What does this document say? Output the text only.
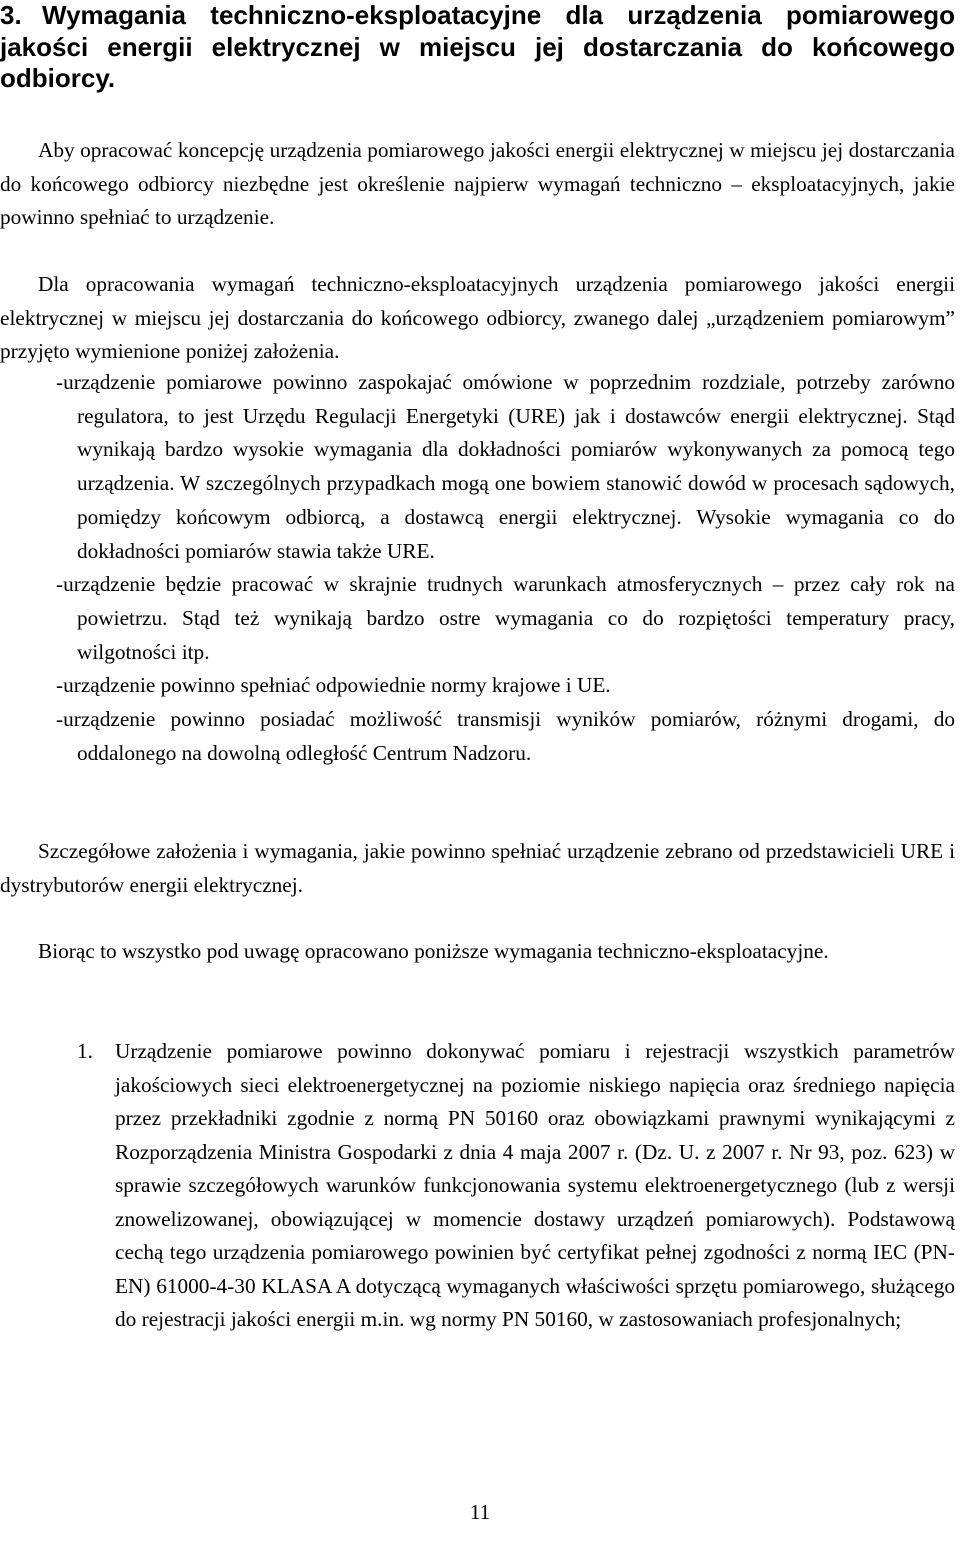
3. Wymagania techniczno-eksploatacyjne dla urządzenia pomiarowego jakości energii elektrycznej w miejscu jej dostarczania do końcowego odbiorcy.

Aby opracować koncepcję urządzenia pomiarowego jakości energii elektrycznej w miejscu jej dostarczania do końcowego odbiorcy niezbędne jest określenie najpierw wymagań techniczno – eksploatacyjnych, jakie powinno spełniać to urządzenie.

Dla opracowania wymagań techniczno-eksploatacyjnych urządzenia pomiarowego jakości energii elektrycznej w miejscu jej dostarczania do końcowego odbiorcy, zwanego dalej „urządzeniem pomiarowym” przyjęto wymienione poniżej założenia.

-urządzenie pomiarowe powinno zaspokajać omówione w poprzednim rozdziale, potrzeby zarówno regulatora, to jest Urzędu Regulacji Energetyki (URE) jak i dostawców energii elektrycznej. Stąd wynikają bardzo wysokie wymagania dla dokładności pomiarów wykonywanych za pomocą tego urządzenia. W szczególnych przypadkach mogą one bowiem stanowić dowód w procesach sądowych, pomiędzy końcowym odbiorcą, a dostawcą energii elektrycznej. Wysokie wymagania co do dokładności pomiarów stawia także URE.
-urządzenie będzie pracować w skrajnie trudnych warunkach atmosferycznych – przez cały rok na powietrzu. Stąd też wynikają bardzo ostre wymagania co do rozpiętości temperatury pracy, wilgotności itp.
-urządzenie powinno spełniać odpowiednie normy krajowe i UE.
-urządzenie powinno posiadać możliwość transmisji wyników pomiarów, różnymi drogami, do oddalonego na dowolną odległość Centrum Nadzoru.

Szczegółowe założenia i wymagania, jakie powinno spełniać urządzenie zebrano od przedstawicieli URE i dystrybutorów energii elektrycznej.

Biorąc to wszystko pod uwagę opracowano poniższe wymagania techniczno-eksploatacyjne.

1. Urządzenie pomiarowe powinno dokonywać pomiaru i rejestracji wszystkich parametrów jakościowych sieci elektroenergetycznej na poziomie niskiego napięcia oraz średniego napięcia przez przekładniki zgodnie z normą PN 50160 oraz obowiązkami prawnymi wynikającymi z Rozporządzenia Ministra Gospodarki z dnia 4 maja 2007 r. (Dz. U. z 2007 r. Nr 93, poz. 623) w sprawie szczegółowych warunków funkcjonowania systemu elektroenergetycznego (lub z wersji znowelizowanej, obowiązującej w momencie dostawy urządzeń pomiarowych). Podstawową cechą tego urządzenia pomiarowego powinien być certyfikat pełnej zgodności z normą IEC (PN-EN) 61000-4-30 KLASA A dotyczącą wymaganych właściwości sprzętu pomiarowego, służącego do rejestracji jakości energii m.in. wg normy PN 50160, w zastosowaniach profesjonalnych;
11
